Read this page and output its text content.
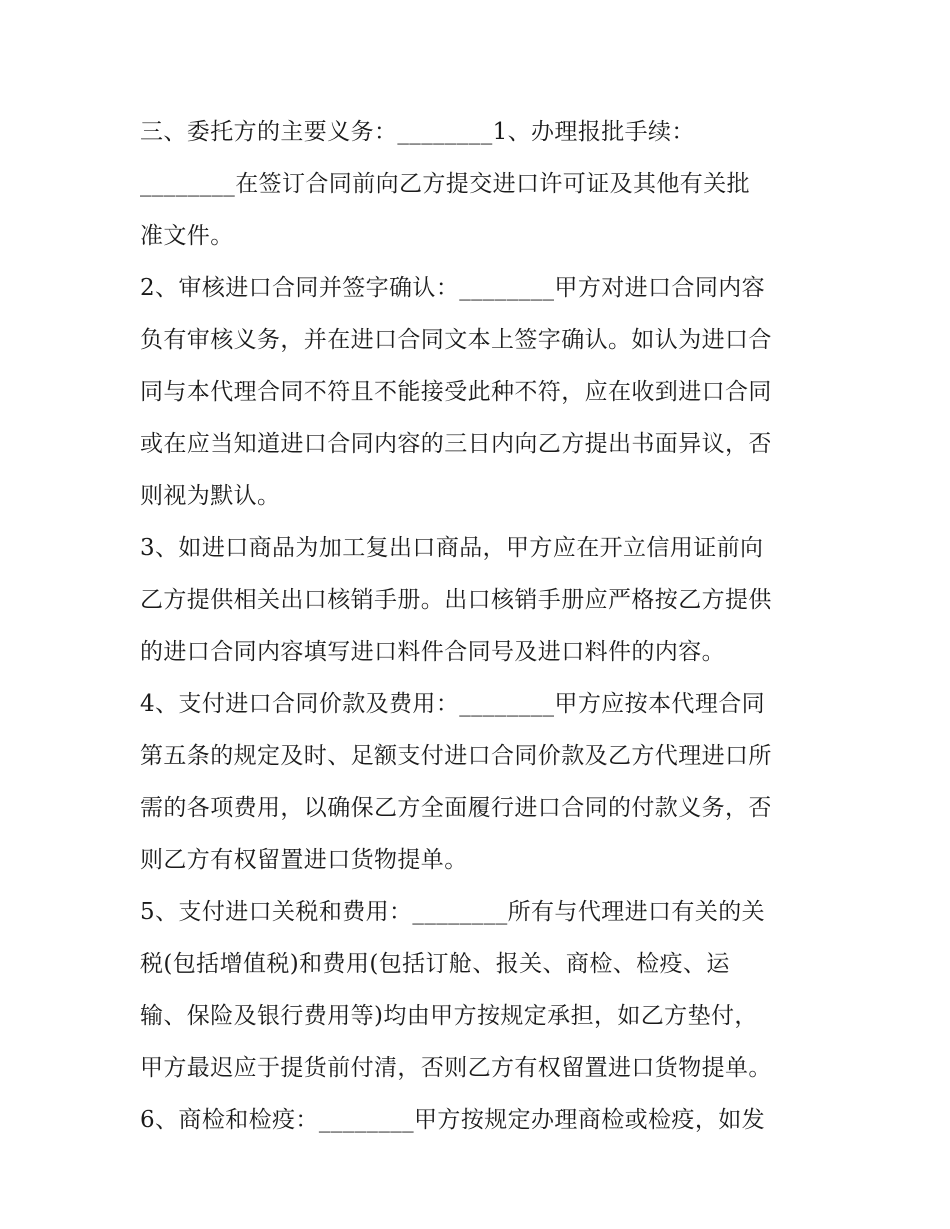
三、委托方的主要义务：________1、办理报批手续：
________在签订合同前向乙方提交进口许可证及其他有关批
准文件。
2、审核进口合同并签字确认：________甲方对进口合同内容
负有审核义务，并在进口合同文本上签字确认。如认为进口合
同与本代理合同不符且不能接受此种不符，应在收到进口合同
或在应当知道进口合同内容的三日内向乙方提出书面异议，否
则视为默认。
3、如进口商品为加工复出口商品，甲方应在开立信用证前向
乙方提供相关出口核销手册。出口核销手册应严格按乙方提供
的进口合同内容填写进口料件合同号及进口料件的内容。
4、支付进口合同价款及费用：________甲方应按本代理合同
第五条的规定及时、足额支付进口合同价款及乙方代理进口所
需的各项费用，以确保乙方全面履行进口合同的付款义务，否
则乙方有权留置进口货物提单。
5、支付进口关税和费用：________所有与代理进口有关的关
税(包括增值税)和费用(包括订舱、报关、商检、检疫、运
输、保险及银行费用等)均由甲方按规定承担，如乙方垫付，
甲方最迟应于提货前付清，否则乙方有权留置进口货物提单。
6、商检和检疫：________甲方按规定办理商检或检疫，如发
